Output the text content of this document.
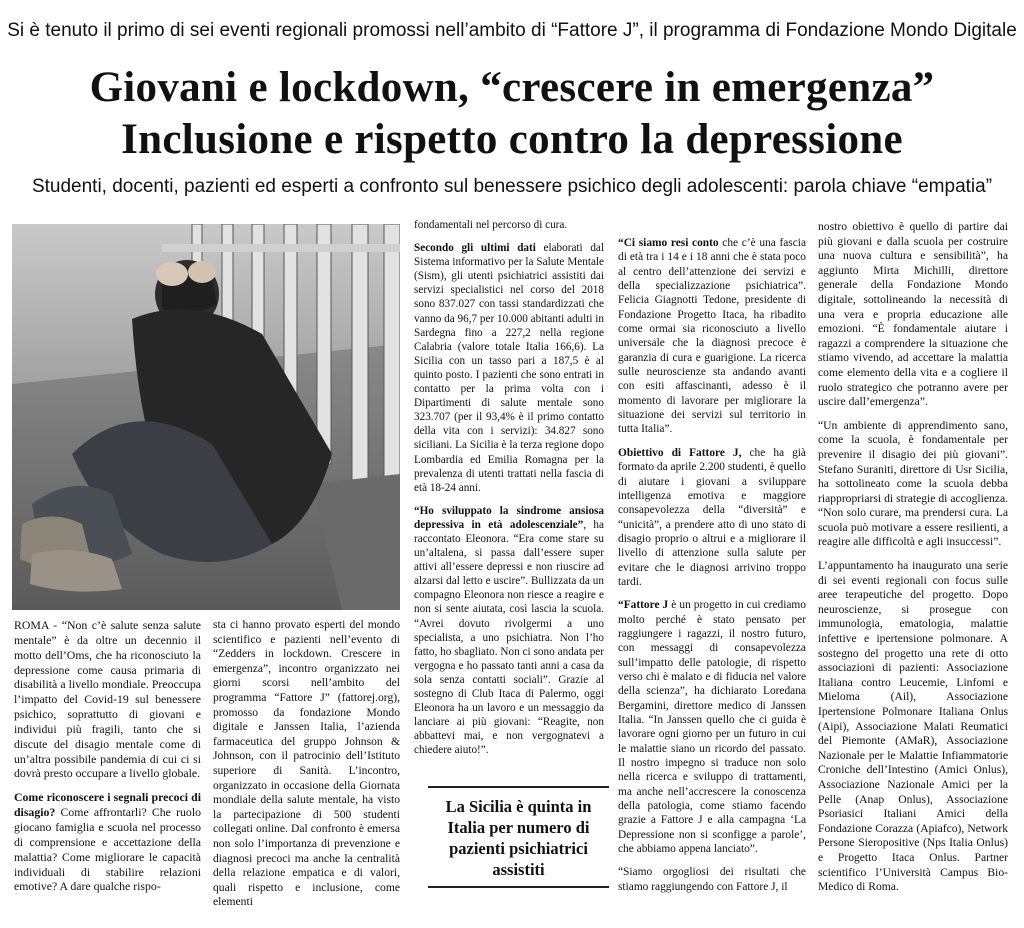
Si è tenuto il primo di sei eventi regionali promossi nell’ambito di “Fattore J”, il programma di Fondazione Mondo Digitale
Giovani e lockdown, “crescere in emergenza”
Inclusione e rispetto contro la depressione
Studenti, docenti, pazienti ed esperti a confronto sul benessere psichico degli adolescenti: parola chiave “empatia”

ROMA - “Non c’è salute senza salute mentale” è da oltre un decennio il motto dell’Oms, che ha riconosciuto la depressione come causa primaria di disabilità a livello mondiale. Preoccupa l’impatto del Covid-19 sul benessere psichico, soprattutto di giovani e individui più fragili, tanto che si discute del disagio mentale come di un’altra possibile pandemia di cui ci si dovrà presto occupare a livello globale.

Come riconoscere i segnali precoci di disagio? Come affrontarli? Che ruolo giocano famiglia e scuola nel processo di comprensione e accettazione della malattia? Come migliorare le capacità individuali di stabilire relazioni emotive? A dare qualche rispo-

sta ci hanno provato esperti del mondo scientifico e pazienti nell’evento di “Zedders in lockdown. Crescere in emergenza”, incontro organizzato nei giorni scorsi nell’ambito del programma “Fattore J” (fattorej.org), promosso da fondazione Mondo digitale e Janssen Italia, l’azienda farmaceutica del gruppo Johnson & Johnson, con il patrocinio dell’Istituto superiore di Sanità. L’incontro, organizzato in occasione della Giornata mondiale della salute mentale, ha visto la partecipazione di 500 studenti collegati online. Dal confronto è emersa non solo l’importanza di prevenzione e diagnosi precoci ma anche la centralità della relazione empatica e di valori, quali rispetto e inclusione, come elementi

fondamentali nel percorso di cura.

Secondo gli ultimi dati elaborati dal Sistema informativo per la Salute Mentale (Sism), gli utenti psichiatrici assistiti dai servizi specialistici nel corso del 2018 sono 837.027 con tassi standardizzati che vanno da 96,7 per 10.000 abitanti adulti in Sardegna fino a 227,2 nella regione Calabria (valore totale Italia 166,6). La Sicilia con un tasso pari a 187,5 è al quinto posto. I pazienti che sono entrati in contatto per la prima volta con i Dipartimenti di salute mentale sono 323.707 (per il 93,4% è il primo contatto della vita con i servizi): 34.827 sono siciliani. La Sicilia è la terza regione dopo Lombardia ed Emilia Romagna per la prevalenza di utenti trattati nella fascia di età 18-24 anni.

“Ho sviluppato la sindrome ansiosa depressiva in età adolescenziale”, ha raccontato Eleonora. “Era come stare su un’altalena, si passa dall’essere super attivi all’essere depressi e non riuscire ad alzarsi dal letto e uscire”. Bullizzata da un compagno Eleonora non riesce a reagire e non si sente aiutata, così lascia la scuola. “Avrei dovuto rivolgermi a uno specialista, a uno psichiatra. Non l’ho fatto, ho sbagliato. Non ci sono andata per vergogna e ho passato tanti anni a casa da sola senza contatti sociali”. Grazie al sostegno di Club Itaca di Palermo, oggi Eleonora ha un lavoro e un messaggio da lanciare ai più giovani: “Reagite, non abbattevi mai, e non vergognatevi a chiedere aiuto!”.

La Sicilia è quinta in Italia per numero di pazienti psichiatrici assistiti

“Ci siamo resi conto che c’è una fascia di età tra i 14 e i 18 anni che è stata poco al centro dell’attenzione dei servizi e della specializzazione psichiatrica”. Felicia Giagnotti Tedone, presidente di Fondazione Progetto Itaca, ha ribadito come ormai sia riconosciuto a livello universale che la diagnosi precoce è garanzia di cura e guarigione. La ricerca sulle neuroscienze sta andando avanti con esiti affascinanti, adesso è il momento di lavorare per migliorare la situazione dei servizi sul territorio in tutta Italia”.

Obiettivo di Fattore J, che ha già formato da aprile 2.200 studenti, è quello di aiutare i giovani a sviluppare intelligenza emotiva e maggiore consapevolezza della “diversità” e “unicità”, a prendere atto di uno stato di disagio proprio o altrui e a migliorare il livello di attenzione sulla salute per evitare che le diagnosi arrivino troppo tardi.

“Fattore J è un progetto in cui crediamo molto perché è stato pensato per raggiungere i ragazzi, il nostro futuro, con messaggi di consapevolezza sull’impatto delle patologie, di rispetto verso chi è malato e di fiducia nel valore della scienza”, ha dichiarato Loredana Bergamini, direttore medico di Janssen Italia. “In Janssen quello che ci guida è lavorare ogni giorno per un futuro in cui le malattie siano un ricordo del passato. Il nostro impegno si traduce non solo nella ricerca e sviluppo di trattamenti, ma anche nell’accrescere la conoscenza della patologia, come stiamo facendo grazie a Fattore J e alla campagna ‘La Depressione non si sconfigge a parole’, che abbiamo appena lanciato”.

“Siamo orgogliosi dei risultati che stiamo raggiungendo con Fattore J, il

nostro obiettivo è quello di partire dai più giovani e dalla scuola per costruire una nuova cultura e sensibilità”, ha aggiunto Mirta Michilli, direttore generale della Fondazione Mondo digitale, sottolineando la necessità di una vera e propria educazione alle emozioni. “È fondamentale aiutare i ragazzi a comprendere la situazione che stiamo vivendo, ad accettare la malattia come elemento della vita e a cogliere il ruolo strategico che potranno avere per uscire dall’emergenza”.

“Un ambiente di apprendimento sano, come la scuola, è fondamentale per prevenire il disagio dei più giovani”. Stefano Suraniti, direttore di Usr Sicilia, ha sottolineato come la scuola debba riappropriarsi di strategie di accoglienza. “Non solo curare, ma prendersi cura. La scuola può motivare a essere resilienti, a reagire alle difficoltà e agli insuccessi”.

L’appuntamento ha inaugurato una serie di sei eventi regionali con focus sulle aree terapeutiche del progetto. Dopo neuroscienze, si prosegue con immunologia, ematologia, malattie infettive e ipertensione polmonare. A sostegno del progetto una rete di otto associazioni di pazienti: Associazione Italiana contro Leucemie, Linfomi e Mieloma (Ail), Associazione Ipertensione Polmonare Italiana Onlus (Aipi), Associazione Malati Reumatici del Piemonte (AMaR), Associazione Nazionale per le Malattie Infiammatorie Croniche dell’Intestino (Amici Onlus), Associazione Nazionale Amici per la Pelle (Anap Onlus), Associazione Psoriasici Italiani Amici della Fondazione Corazza (Apiafco), Network Persone Sieropositive (Nps Italia Onlus) e Progetto Itaca Onlus. Partner scientifico l’Università Campus Bio-Medico di Roma.
